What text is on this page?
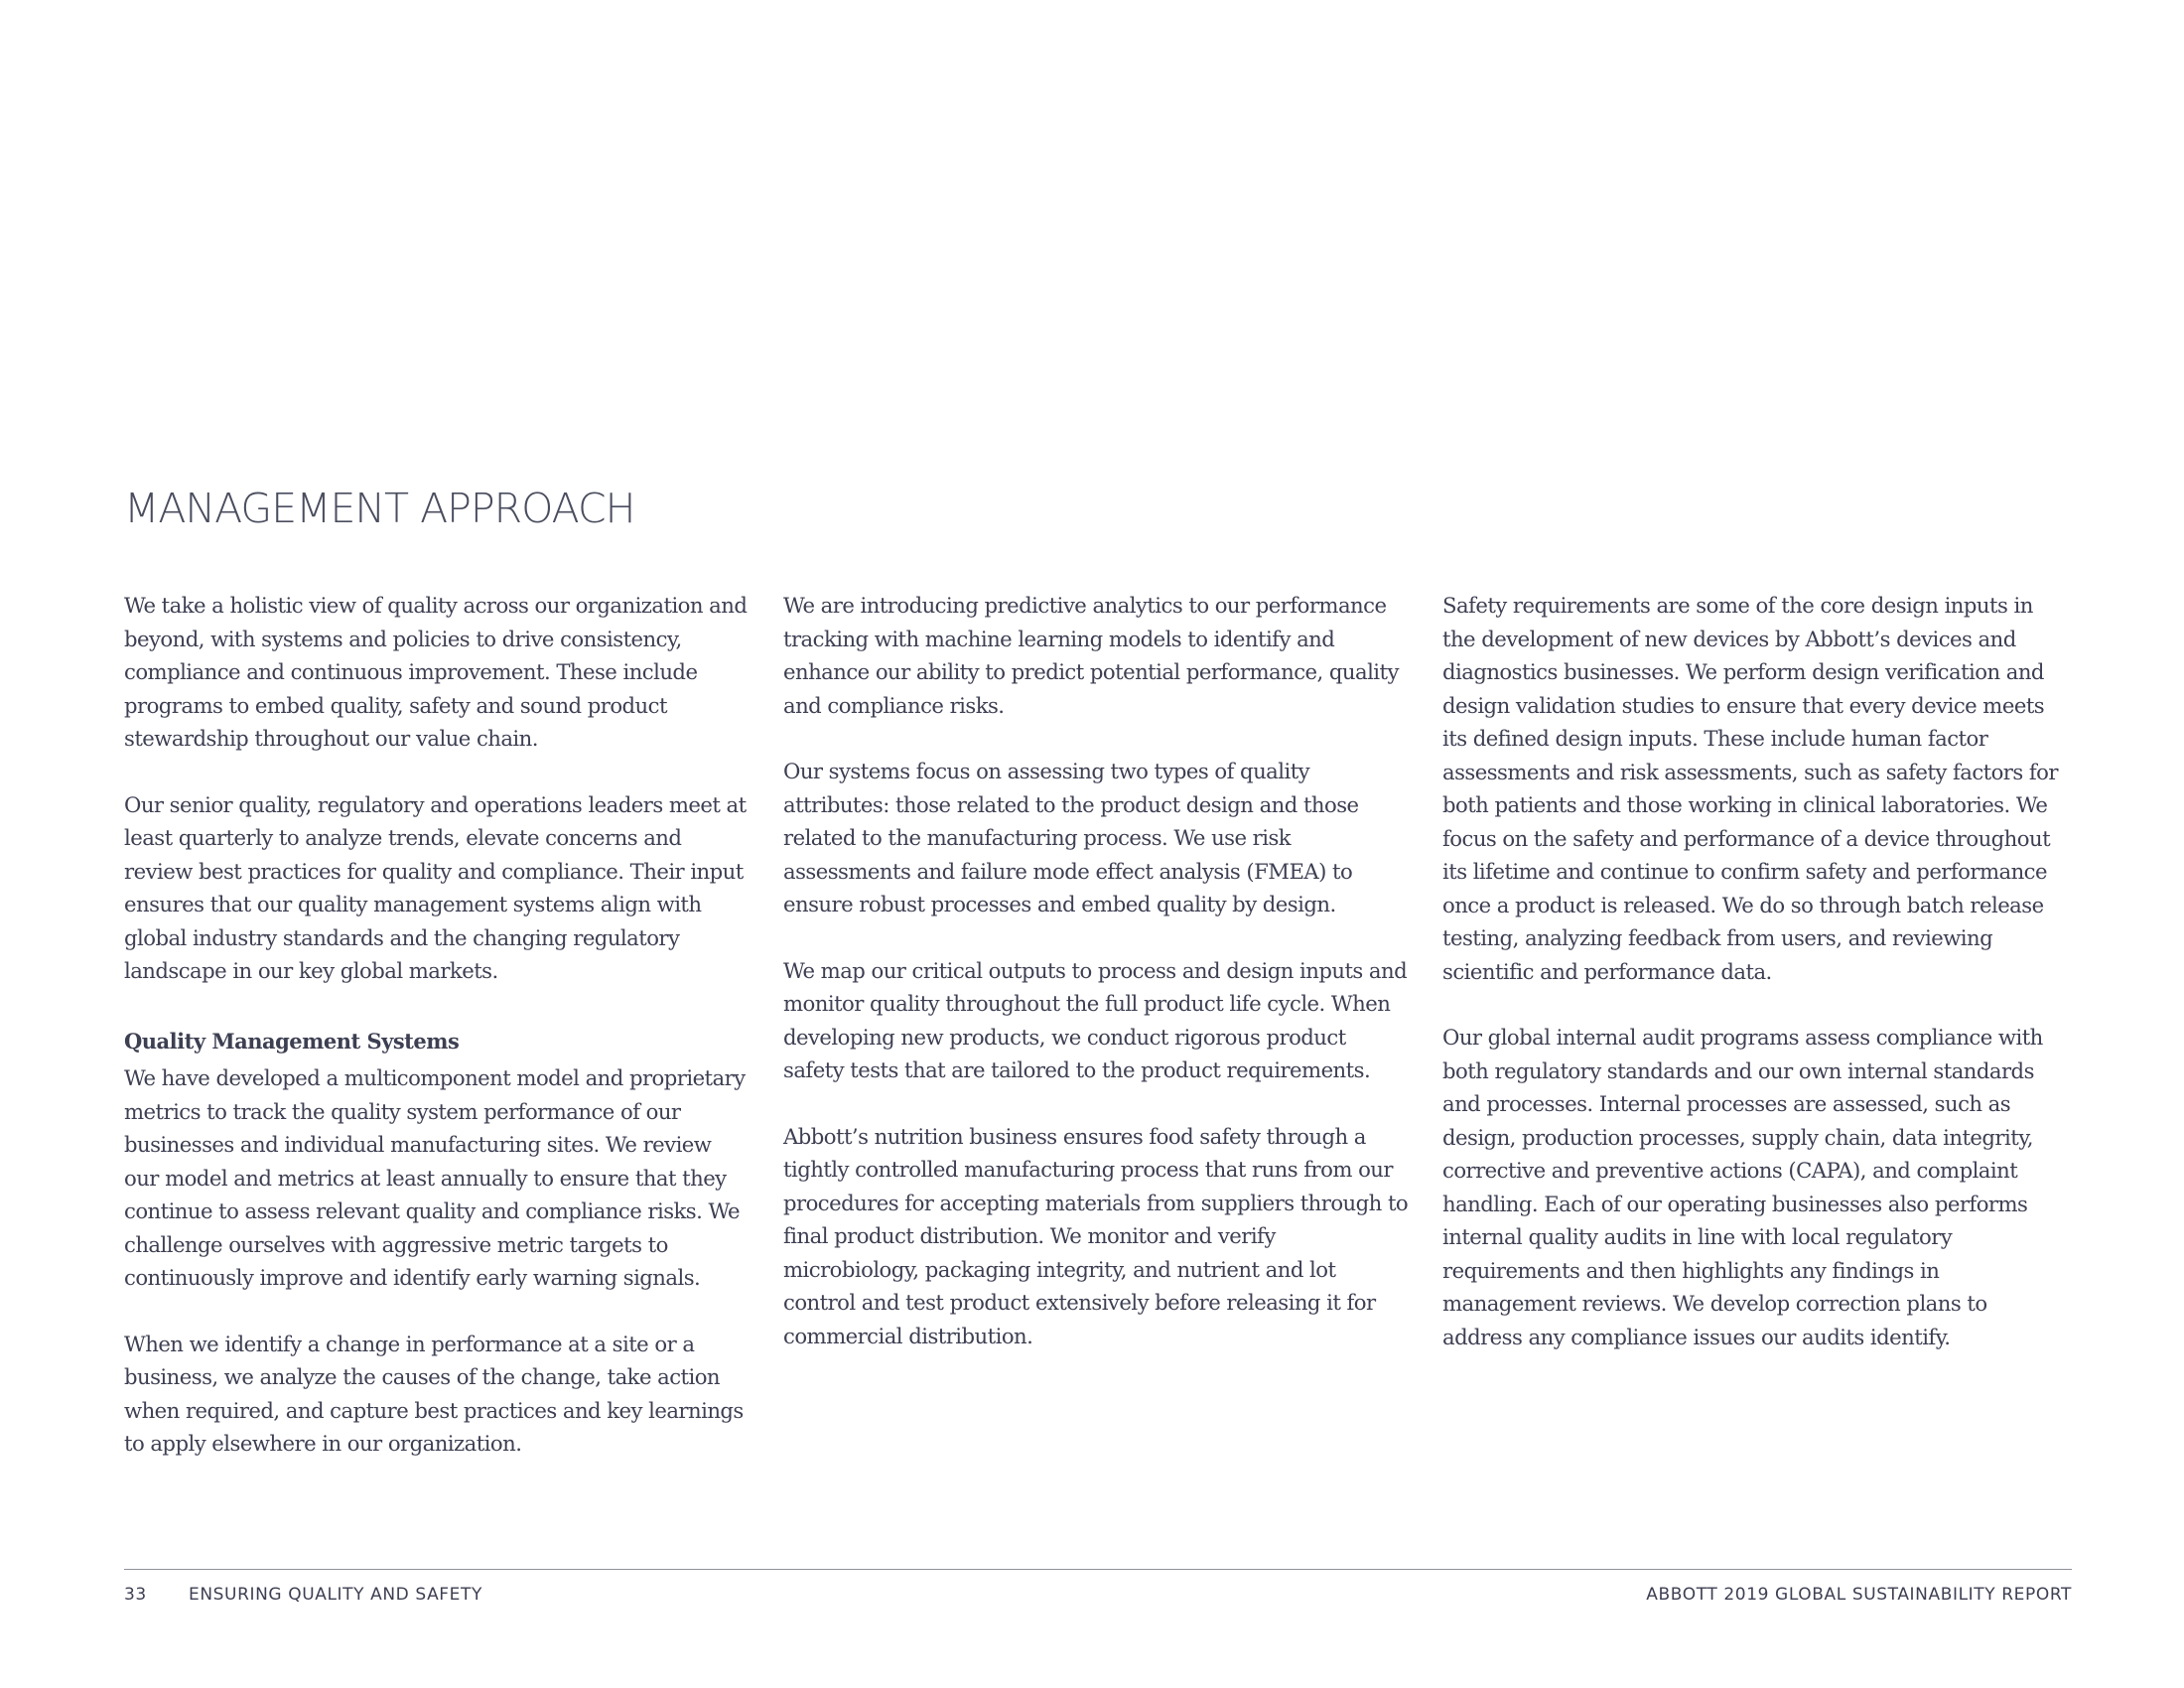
MANAGEMENT APPROACH

We take a holistic view of quality across our organization and beyond, with systems and policies to drive consistency, compliance and continuous improvement. These include programs to embed quality, safety and sound product stewardship throughout our value chain.

Our senior quality, regulatory and operations leaders meet at least quarterly to analyze trends, elevate concerns and review best practices for quality and compliance. Their input ensures that our quality management systems align with global industry standards and the changing regulatory landscape in our key global markets.

Quality Management Systems

We have developed a multicomponent model and proprietary metrics to track the quality system performance of our businesses and individual manufacturing sites. We review our model and metrics at least annually to ensure that they continue to assess relevant quality and compliance risks. We challenge ourselves with aggressive metric targets to continuously improve and identify early warning signals.

When we identify a change in performance at a site or a business, we analyze the causes of the change, take action when required, and capture best practices and key learnings to apply elsewhere in our organization.

We are introducing predictive analytics to our performance tracking with machine learning models to identify and enhance our ability to predict potential performance, quality and compliance risks.

Our systems focus on assessing two types of quality attributes: those related to the product design and those related to the manufacturing process. We use risk assessments and failure mode effect analysis (FMEA) to ensure robust processes and embed quality by design.

We map our critical outputs to process and design inputs and monitor quality throughout the full product life cycle. When developing new products, we conduct rigorous product safety tests that are tailored to the product requirements.

Abbott’s nutrition business ensures food safety through a tightly controlled manufacturing process that runs from our procedures for accepting materials from suppliers through to final product distribution. We monitor and verify microbiology, packaging integrity, and nutrient and lot control and test product extensively before releasing it for commercial distribution.

Safety requirements are some of the core design inputs in the development of new devices by Abbott’s devices and diagnostics businesses. We perform design verification and design validation studies to ensure that every device meets its defined design inputs. These include human factor assessments and risk assessments, such as safety factors for both patients and those working in clinical laboratories. We focus on the safety and performance of a device throughout its lifetime and continue to confirm safety and performance once a product is released. We do so through batch release testing, analyzing feedback from users, and reviewing scientific and performance data.

Our global internal audit programs assess compliance with both regulatory standards and our own internal standards and processes. Internal processes are assessed, such as design, production processes, supply chain, data integrity, corrective and preventive actions (CAPA), and complaint handling. Each of our operating businesses also performs internal quality audits in line with local regulatory requirements and then highlights any findings in management reviews. We develop correction plans to address any compliance issues our audits identify.

33 ENSURING QUALITY AND SAFETY	ABBOTT 2019 GLOBAL SUSTAINABILITY REPORT
